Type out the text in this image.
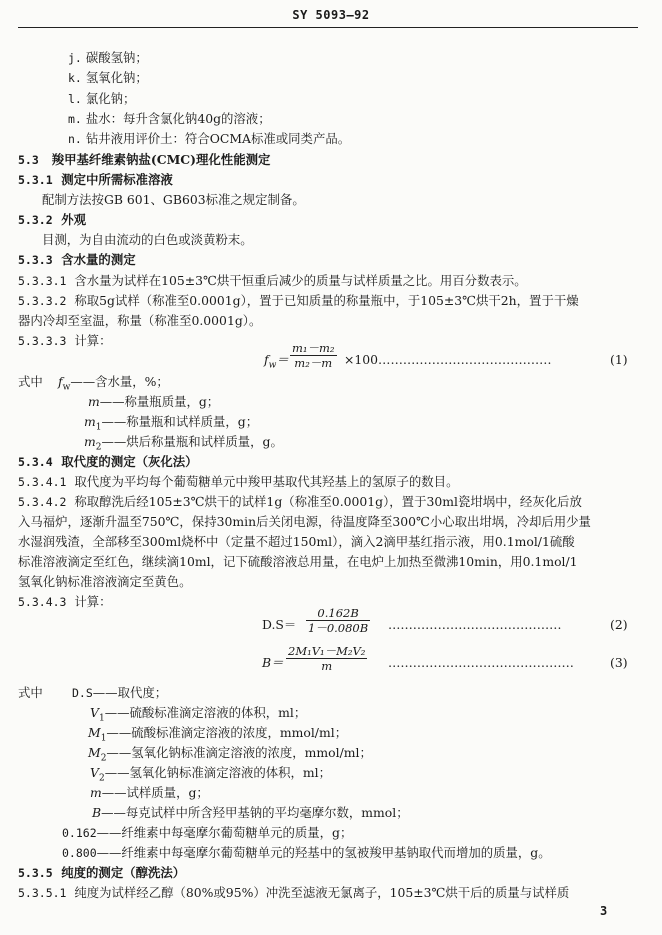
SY 5093—92
j. 碳酸氢钠；
k. 氢氧化钠；
l. 氯化钠；
m. 盐水：每升含氯化钠40g的溶液；
n. 钻井液用评价土：符合OCMA标准或同类产品。
5.3 羧甲基纤维素钠盐(CMC)理化性能测定
5.3.1 测定中所需标准溶液
配制方法按GB 601、GB603标准之规定制备。
5.3.2 外观
目测，为自由流动的白色或淡黄粉末。
5.3.3 含水量的测定
5.3.3.1 含水量为试样在105±3℃烘干恒重后减少的质量与试样质量之比。用百分数表示。
5.3.3.2 称取5g试样（称准至0.0001g），置于已知质量的称量瓶中，于105±3℃烘干2h，置于干燥
器内冷却至室温，称量（称准至0.0001g）。
5.3.3.3 计算：
$f_w= \frac{\text{m₁－m₂}}{\text{m₂－m}}$ ×100……………………………………	(1)
式中 $f_w——$含水量，%；
m——称量瓶质量，g；
$m_1——$称量瓶和试样质量，g；
$m_2——$烘后称量瓶和试样质量，g。
5.3.4 取代度的测定（灰化法）
5.3.4.1 取代度为平均每个葡萄糖单元中羧甲基取代其羟基上的氢原子的数目。
5.3.4.2 称取醇洗后经105±3℃烘干的试样1g（称准至0.0001g），置于30ml瓷坩埚中，经灰化后放
入马福炉，逐渐升温至750℃，保持30min后关闭电源，待温度降至300℃小心取出坩埚，冷却后用少量
水湿润残渣，全部移至300ml烧杯中（定量不超过150ml），滴入2滴甲基红指示液，用0.1mol/1硫酸
标准溶液滴定至红色，继续滴10ml，记下硫酸溶液总用量，在电炉上加热至微沸10min，用0.1mol/1
氢氧化钠标准溶液滴定至黄色。
5.3.4.3 计算：
$D.S= \frac{0.162B}{1-0.080B}$ ……………………………………	(2)
$B= \frac{\text{2M₁V₁－M₂V₂}}{m}$ ………………………………………	(3)
式中	D.S——取代度；
$V_1——$硫酸标准滴定溶液的体积，ml；
$M_1——$硫酸标准滴定溶液的浓度，mmol/ml；
$M_2——$氢氧化钠标准滴定溶液的浓度，mmol/ml；
$V_2——$氢氧化钠标准滴定溶液的体积，ml；
m——试样质量，g；
B——每克试样中所含羟甲基钠的平均毫摩尔数，mmol；
0.162——纤维素中每毫摩尔葡萄糖单元的质量，g；
0.800——纤维素中每毫摩尔葡萄糖单元的羟基中的氢被羧甲基钠取代而增加的质量，g。
5.3.5 纯度的测定（醇洗法）
5.3.5.1 纯度为试样经乙醇（80%或95%）冲洗至滤液无氯离子，105±3℃烘干后的质量与试样质
3
